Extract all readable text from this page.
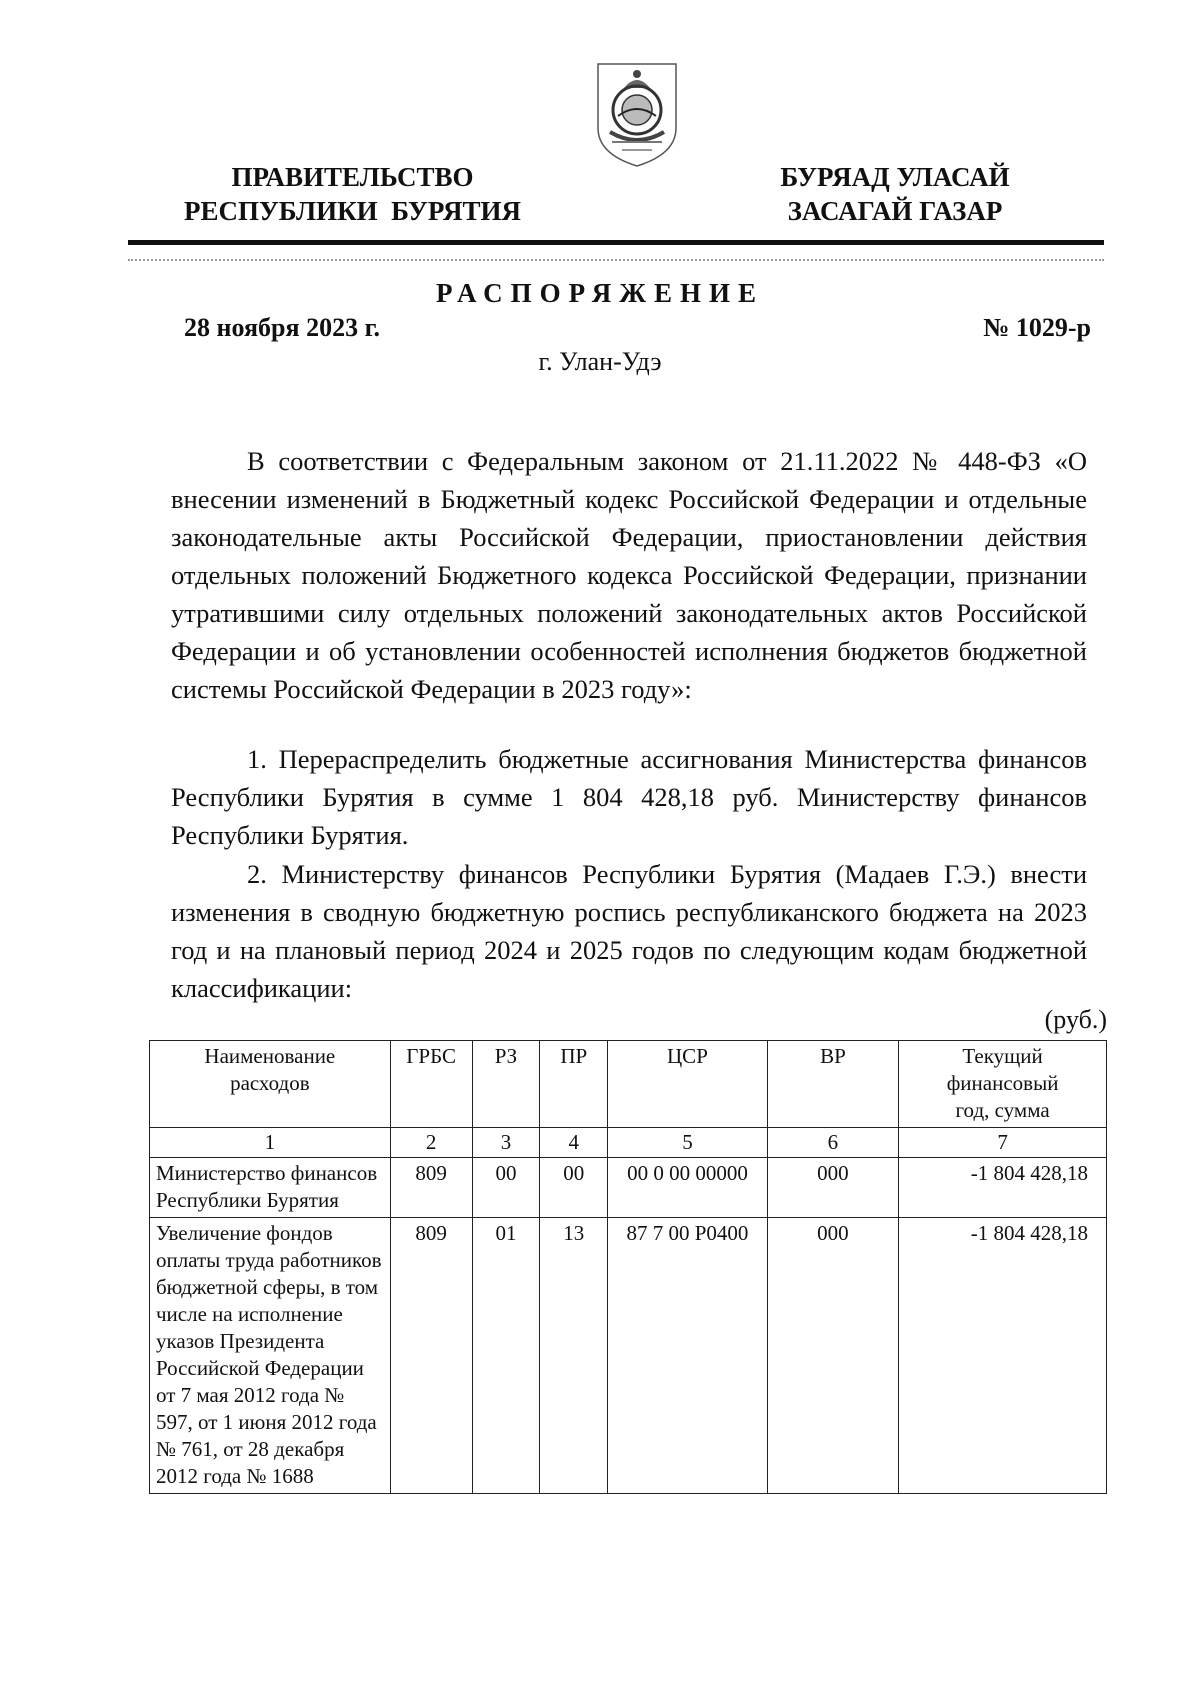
ПРАВИТЕЛЬСТВО
РЕСПУБЛИКИ  БУРЯТИЯ
БУРЯАД УЛАСАЙ
ЗАСАГАЙ ГАЗАР
РАСПОРЯЖЕНИЕ
28 ноября 2023 г.	№ 1029-р
г. Улан-Удэ

В соответствии с Федеральным законом от 21.11.2022 № 448-ФЗ «О внесении изменений в Бюджетный кодекс Российской Федерации и отдельные законодательные акты Российской Федерации, приостановлении действия отдельных положений Бюджетного кодекса Российской Федерации, признании утратившими силу отдельных положений законодательных актов Российской Федерации и об установлении особенностей исполнения бюджетов бюджетной системы Российской Федерации в 2023 году»:

1. Перераспределить бюджетные ассигнования Министерства финансов Республики Бурятия в сумме 1 804 428,18 руб. Министерству финансов Республики Бурятия.

2. Министерству финансов Республики Бурятия (Мадаев Г.Э.) внести изменения в сводную бюджетную роспись республиканского бюджета на 2023 год и на плановый период 2024 и 2025 годов по следующим кодам бюджетной классификации:

(руб.)
Наименование расходов	ГРБС	РЗ	ПР	ЦСР	ВР	Текущий финансовый год, сумма
1	2	3	4	5	6	7
Министерство финансов Республики Бурятия	809	00	00	00 0 00 00000	000	-1 804 428,18
Увеличение фондов оплаты труда работников бюджетной сферы, в том числе на исполнение указов Президента Российской Федерации от 7 мая 2012 года № 597, от 1 июня 2012 года № 761, от 28 декабря 2012 года № 1688	809	01	13	87 7 00 Р0400	000	-1 804 428,18
